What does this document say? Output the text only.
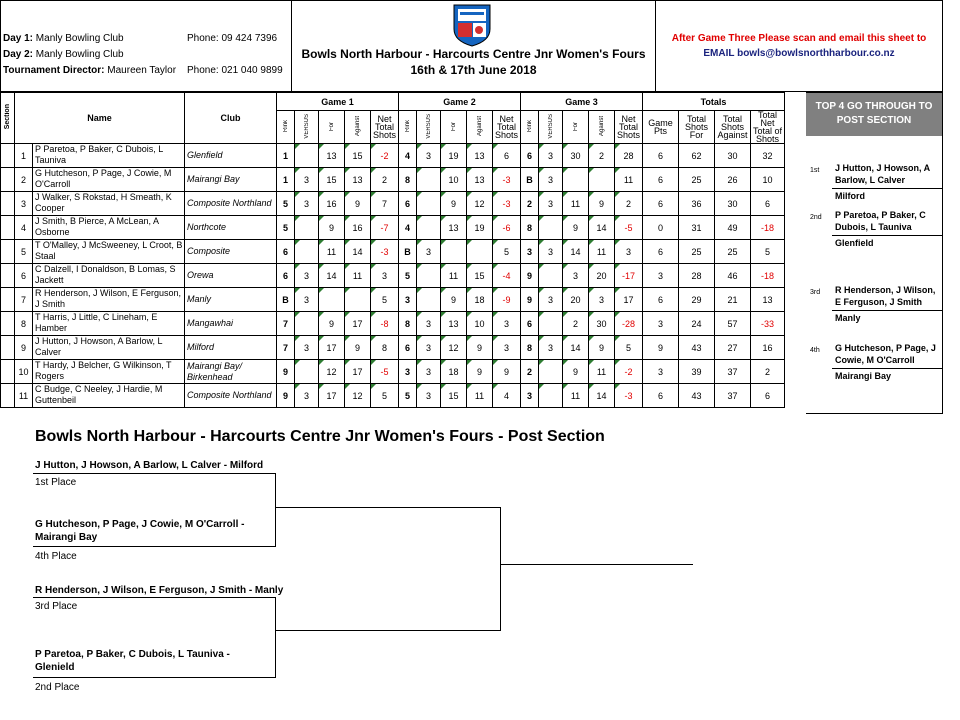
Day 1: Manly Bowling Club
Day 2: Manly Bowling Club
Tournament Director: Maureen Taylor
Phone: 09 424 7396
Phone: 021 040 9899
Bowls North Harbour - Harcourts Centre Jnr Women's Fours
16th & 17th June 2018
After Game Three Please scan and email this sheet to
EMAIL bowls@bowlsnorthharbour.co.nz
Section	Name		Club	Game 1					Game 2					Game 3					Totals			
				Rink	VERSUS	For	Against	Net Total Shots	Rink	VERSUS	For	Against	Net Total Shots	Rink	VERSUS	For	Against	Net Total Shots	Game Pts	Total Shots For	Total Shots Against	Total Net Total of Shots
	1	P Paretoa, P Baker, C Dubois, L Tauniva	Glenfield	1		13	15	-2	4	3	19	13	6	6	3	30	2	28	6	62	30	32
	2	G Hutcheson, P Page, J Cowie, M O'Carroll	Mairangi Bay	1	3	15	13	2	8		10	13	-3	B	3			11	6	25	26	10
	3	J Walker, S Rokstad, H Smeath, K Cooper	Composite Northland	5	3	16	9	7	6		9	12	-3	2	3	11	9	2	6	36	30	6
	4	J Smith, B Pierce, A McLean, A Osborne	Northcote	5		9	16	-7	4		13	19	-6	8		9	14	-5	0	31	49	-18
	5	T O'Malley, J McSweeney, L Croot, B Staal	Composite	6		11	14	-3	B	3			5	3	3	14	11	3	6	25	25	5
	6	C Dalzell, I Donaldson, B Lomas, S Jackett	Orewa	6	3	14	11	3	5		11	15	-4	9		3	20	-17	3	28	46	-18
	7	R Henderson, J Wilson, E Ferguson, J Smith	Manly	B	3			5	3		9	18	-9	9	3	20	3	17	6	29	21	13
	8	T Harris, J Little, C Lineham, E Hamber	Mangawhai	7		9	17	-8	8	3	13	10	3	6		2	30	-28	3	24	57	-33
	9	J Hutton, J Howson, A Barlow, L Calver	Milford	7	3	17	9	8	6	3	12	9	3	8	3	14	9	5	9	43	27	16
	10	T Hardy, J Belcher, G Wilkinson, T Rogers	Mairangi Bay/ Birkenhead	9		12	17	-5	3	3	18	9	9	2		9	11	-2	3	39	37	2
	11	C Budge, C Neeley, J Hardie, M Guttenbeil	Composite Northland	9	3	17	12	5	5	3	15	11	4	3		11	14	-3	6	43	37	6
TOP 4 GO THROUGH TO POST SECTION
1st J Hutton, J Howson, A Barlow, L Calver
Milford
2nd P Paretoa, P Baker, C Dubois, L Tauniva
Glenfield
3rd R Henderson, J Wilson, E Ferguson, J Smith
Manly
4th G Hutcheson, P Page, J Cowie, M O'Carroll
Mairangi Bay
Bowls North Harbour - Harcourts Centre Jnr Women's Fours - Post Section
J Hutton, J Howson, A Barlow, L Calver - Milford
1st Place
G Hutcheson, P Page, J Cowie, M O'Carroll - Mairangi Bay
4th Place
R Henderson, J Wilson, E Ferguson, J Smith - Manly
3rd Place
P Paretoa, P Baker, C Dubois, L Tauniva - Glenield
2nd Place
